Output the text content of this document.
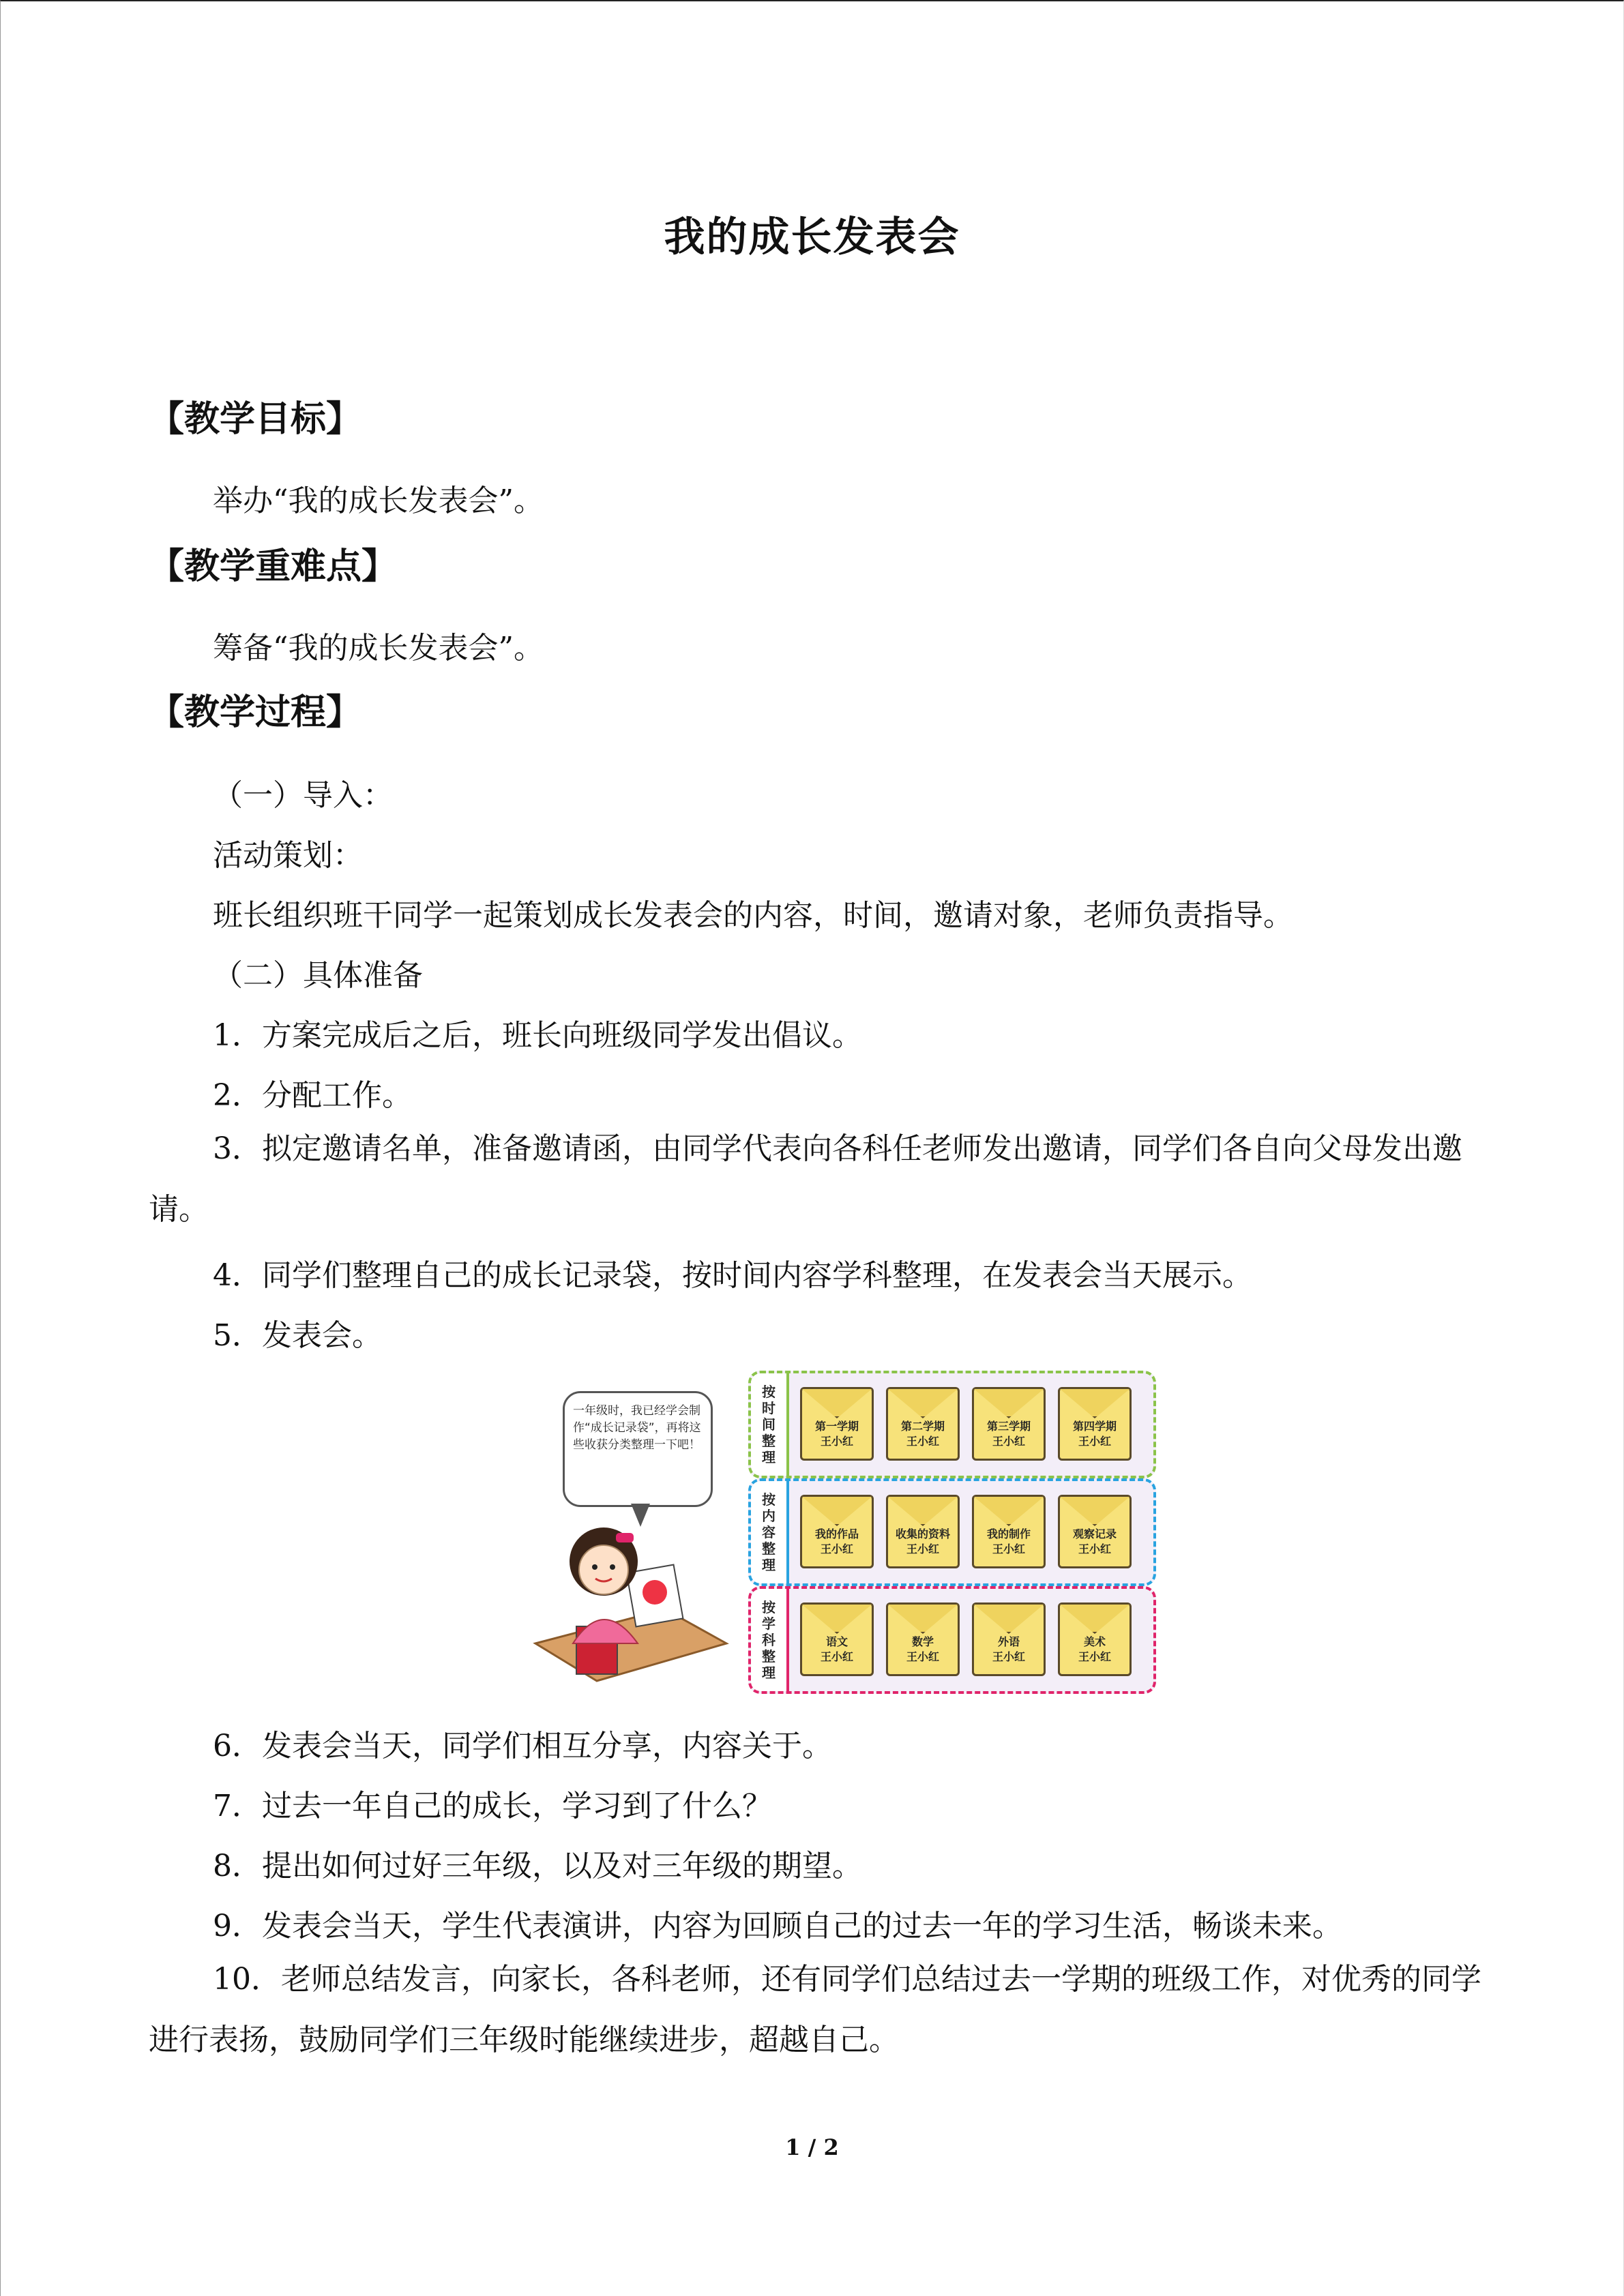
我的成长发表会
【教学目标】
举办“我的成长发表会”。
【教学重难点】
筹备“我的成长发表会”。
【教学过程】
（一）导入：
活动策划：
班长组织班干同学一起策划成长发表会的内容，时间，邀请对象，老师负责指导。
（二）具体准备
1．方案完成后之后，班长向班级同学发出倡议。
2．分配工作。
3．拟定邀请名单，准备邀请函，由同学代表向各科任老师发出邀请，同学们各自向父母发出邀请。
4．同学们整理自己的成长记录袋，按时间内容学科整理，在发表会当天展示。
5．发表会。
一年级时，我已经学会制作“成长记录袋”，再将这些收获分类整理一下吧！
按
时
间
整
理
第一学期
王小红
第二学期
王小红
第三学期
王小红
第四学期
王小红
按
内
容
整
理
我的作品
王小红
收集的资料
王小红
我的制作
王小红
观察记录
王小红
按
学
科
整
理
语文
王小红
数学
王小红
外语
王小红
美术
王小红
6．发表会当天，同学们相互分享，内容关于。
7．过去一年自己的成长，学习到了什么？
8．提出如何过好三年级，以及对三年级的期望。
9．发表会当天，学生代表演讲，内容为回顾自己的过去一年的学习生活，畅谈未来。
10．老师总结发言，向家长，各科老师，还有同学们总结过去一学期的班级工作，对优秀的同学进行表扬，鼓励同学们三年级时能继续进步，超越自己。
1 / 2
